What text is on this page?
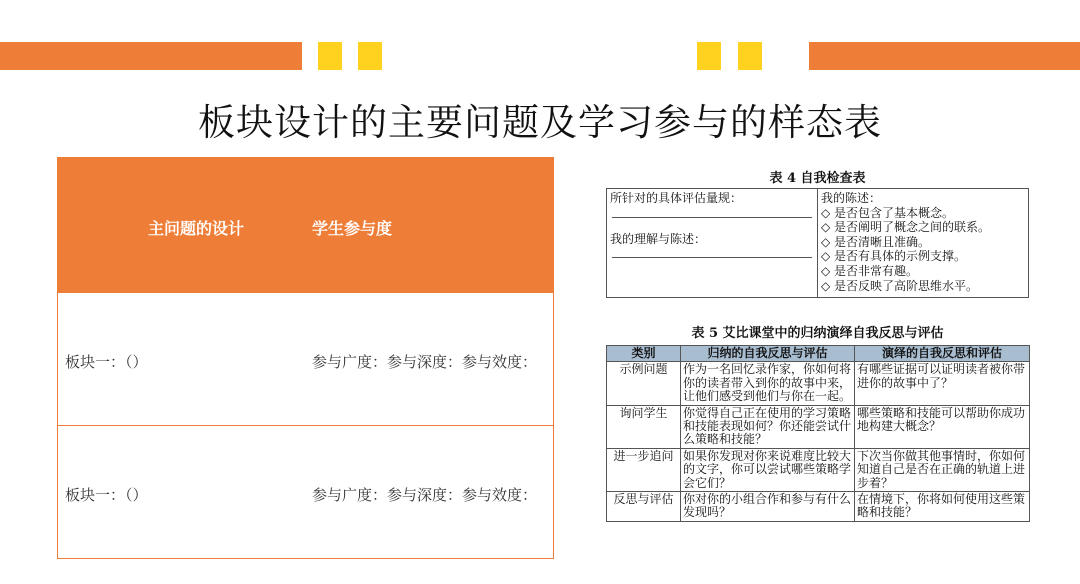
板块设计的主要问题及学习参与的样态表
主问题的设计	学生参与度
板块一：（）	参与广度：参与深度：参与效度：
板块一：（）	参与广度：参与深度：参与效度：
表 4 自我检查表
所针对的具体评估量规：
我的理解与陈述：
我的陈述：
◇ 是否包含了基本概念。
◇ 是否阐明了概念之间的联系。
◇ 是否清晰且准确。
◇ 是否有具体的示例支撑。
◇ 是否非常有趣。
◇ 是否反映了高阶思维水平。
表 5 艾比课堂中的归纳演绎自我反思与评估
类别	归纳的自我反思与评估	演绎的自我反思和评估
示例问题	作为一名回忆录作家，你如何将你的读者带入到你的故事中来，让他们感受到他们与你在一起。	有哪些证据可以证明读者被你带进你的故事中了？
询问学生	你觉得自己正在使用的学习策略和技能表现如何？你还能尝试什么策略和技能？	哪些策略和技能可以帮助你成功地构建大概念？
进一步追问	如果你发现对你来说难度比较大的文字，你可以尝试哪些策略学会它们？	下次当你做其他事情时，你如何知道自己是否在正确的轨道上进步着？
反思与评估	你对你的小组合作和参与有什么发现吗？	在情境下，你将如何使用这些策略和技能？
